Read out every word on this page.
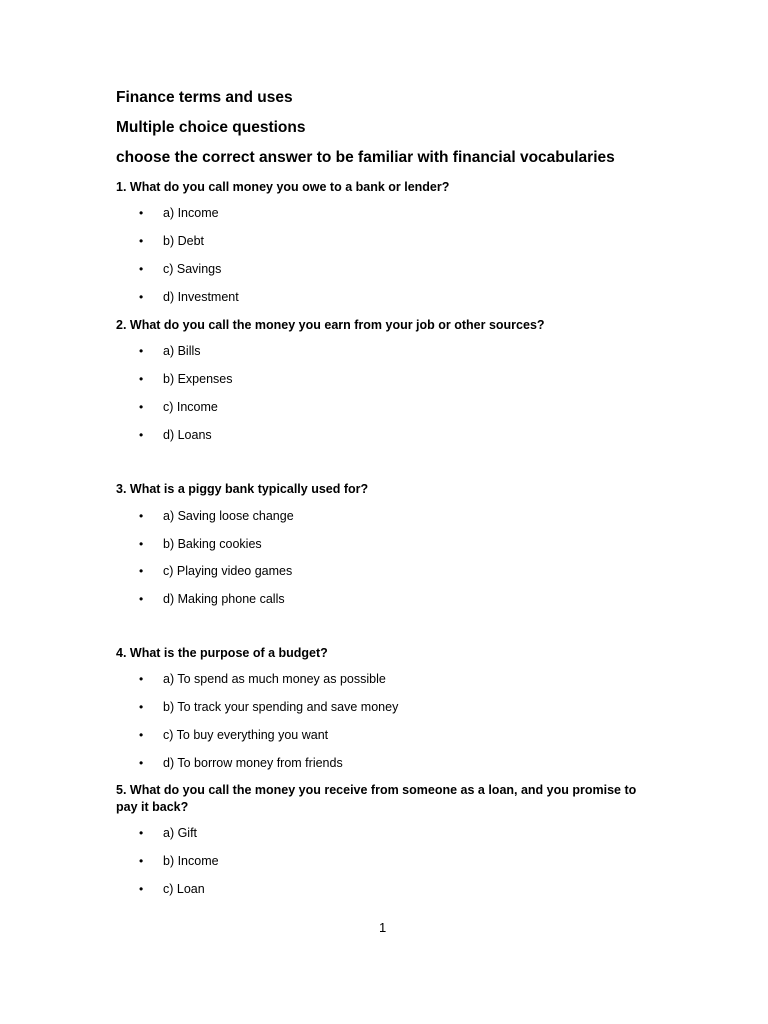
Finance terms and uses
Multiple choice questions
choose the correct answer to be familiar with financial vocabularies
1. What do you call money you owe to a bank or lender?
• a) Income
• b) Debt
• c) Savings
• d) Investment
2. What do you call the money you earn from your job or other sources?
• a) Bills
• b) Expenses
• c) Income
• d) Loans
3. What is a piggy bank typically used for?
• a) Saving loose change
• b) Baking cookies
• c) Playing video games
• d) Making phone calls
4. What is the purpose of a budget?
• a) To spend as much money as possible
• b) To track your spending and save money
• c) To buy everything you want
• d) To borrow money from friends
5. What do you call the money you receive from someone as a loan, and you promise to
pay it back?
• a) Gift
• b) Income
• c) Loan
1
